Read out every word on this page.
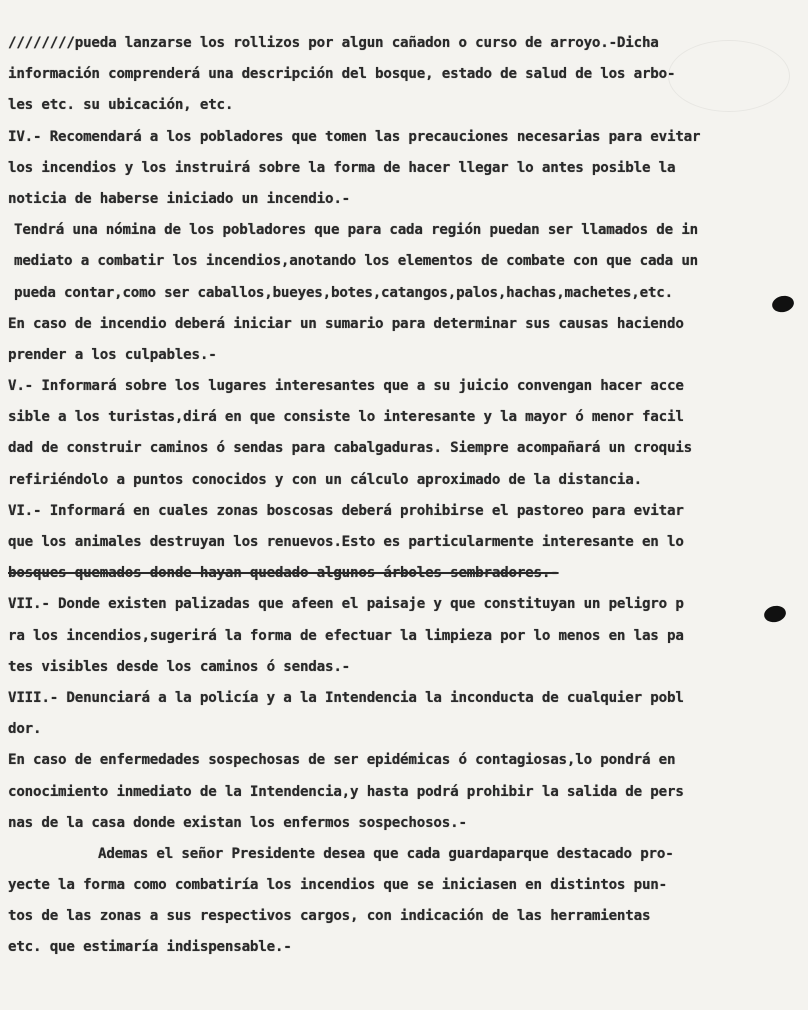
////////pueda lanzarse los rollizos por algun cañadon o curso de arroyo.-Dicha
información comprenderá una descripción del bosque, estado de salud de los arbo-
les etc. su ubicación, etc.
IV.- Recomendará a los pobladores que tomen las precauciones necesarias para evitar
los incendios y los instruirá sobre la forma de hacer llegar lo antes posible la
noticia de haberse iniciado un incendio.-
Tendrá una nómina de los pobladores que para cada región puedan ser llamados de in
mediato a combatir los incendios,anotando los elementos de combate con que cada un
pueda contar,como ser caballos,bueyes,botes,catangos,palos,hachas,machetes,etc.
En caso de incendio deberá iniciar un sumario para determinar sus causas haciendo
prender a los culpables.-
V.- Informará sobre los lugares interesantes que a su juicio convengan hacer acce
sible a los turistas,dirá en que consiste lo interesante y la mayor ó menor facil
dad de construir caminos ó sendas para cabalgaduras. Siempre acompañará un croquis
refiriéndolo a puntos conocidos y con un cálculo aproximado de la distancia.
VI.- Informará en cuales zonas boscosas deberá prohibirse el pastoreo para evitar
que los animales destruyan los renuevos.Esto es particularmente interesante en lo
bosques quemados donde hayan quedado algunos árboles sembradores.-
VII.- Donde existen palizadas que afeen el paisaje y que constituyan un peligro p
ra los incendios,sugerirá la forma de efectuar la limpieza por lo menos en las pa
tes visibles desde los caminos ó sendas.-
VIII.- Denunciará a la policía y a la Intendencia la inconducta de cualquier pobl
dor.
En caso de enfermedades sospechosas de ser epidémicas ó contagiosas,lo pondrá en
conocimiento inmediato de la Intendencia,y hasta podrá prohibir la salida de pers
nas de la casa donde existan los enfermos sospechosos.-
Ademas el señor Presidente desea que cada guardaparque destacado pro-
yecte la forma como combatiría los incendios que se iniciasen en distintos pun-
tos de las zonas a sus respectivos cargos, con indicación de las herramientas
etc. que estimaría indispensable.-
